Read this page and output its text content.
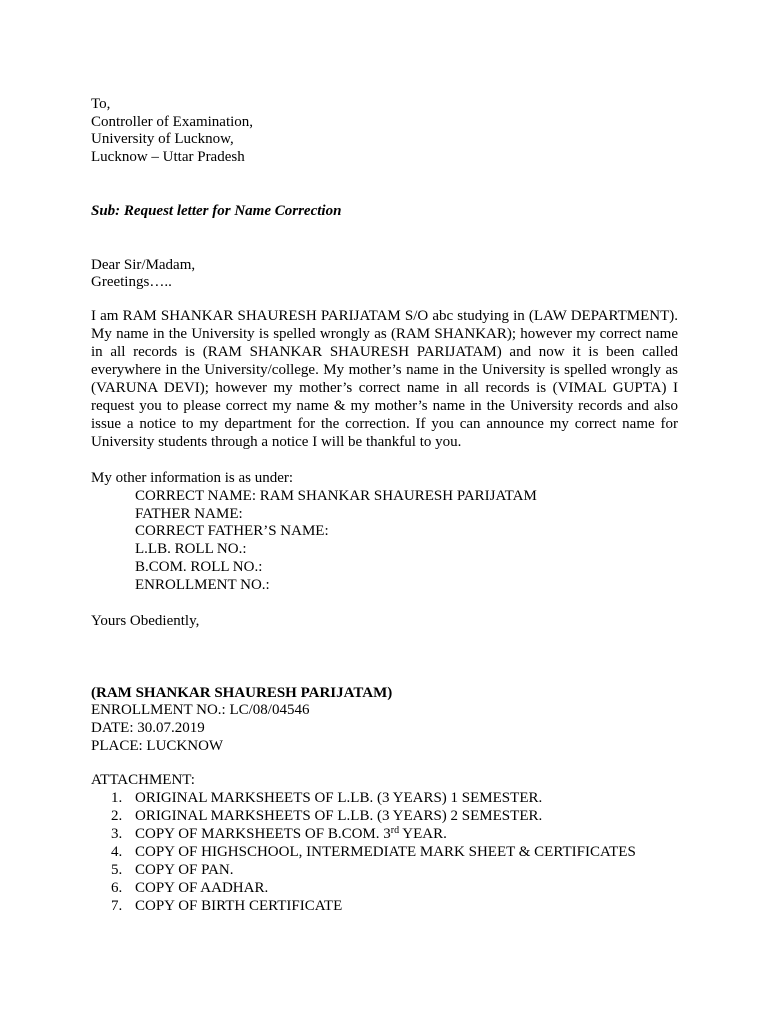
To,
Controller of Examination,
University of Lucknow,
Lucknow – Uttar Pradesh
Sub: Request letter for Name Correction
Dear Sir/Madam,
Greetings…..
I am RAM SHANKAR SHAURESH PARIJATAM S/O abc studying in (LAW DEPARTMENT). My name in the University is spelled wrongly as (RAM SHANKAR); however my correct name in all records is (RAM SHANKAR SHAURESH PARIJATAM) and now it is been called everywhere in the University/college. My mother’s name in the University is spelled wrongly as (VARUNA DEVI); however my mother’s correct name in all records is (VIMAL GUPTA) I request you to please correct my name & my mother’s name in the University records and also issue a notice to my department for the correction. If you can announce my correct name for University students through a notice I will be thankful to you.
My other information is as under:
CORRECT NAME: RAM SHANKAR SHAURESH PARIJATAM
FATHER NAME:
CORRECT FATHER’S NAME:
L.LB. ROLL NO.:
B.COM. ROLL NO.:
ENROLLMENT NO.:
Yours Obediently,
(RAM SHANKAR SHAURESH PARIJATAM)
ENROLLMENT NO.: LC/08/04546
DATE: 30.07.2019
PLACE: LUCKNOW
ATTACHMENT:
1. ORIGINAL MARKSHEETS OF L.LB. (3 YEARS) 1 SEMESTER.
2. ORIGINAL MARKSHEETS OF L.LB. (3 YEARS) 2 SEMESTER.
3. COPY OF MARKSHEETS OF B.COM. 3rd YEAR.
4. COPY OF HIGHSCHOOL, INTERMEDIATE MARK SHEET & CERTIFICATES
5. COPY OF PAN.
6. COPY OF AADHAR.
7. COPY OF BIRTH CERTIFICATE
